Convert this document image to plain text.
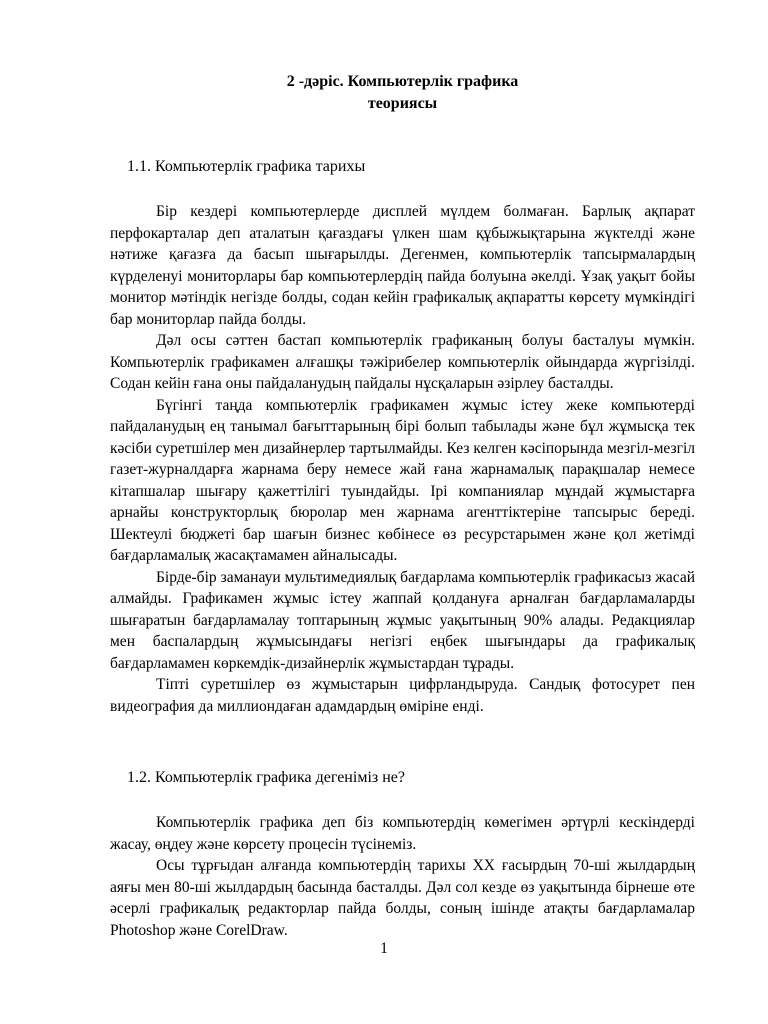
2 -дәріс. Компьютерлік графика
теориясы
1.1. Компьютерлік графика тарихы

Бір кездері компьютерлерде дисплей мүлдем болмаған. Барлық ақпарат перфокарталар деп аталатын қағаздағы үлкен шам құбыжықтарына жүктелді және нәтиже қағазға да басып шығарылды. Дегенмен, компьютерлік тапсырмалардың күрделенуі мониторлары бар компьютерлердің пайда болуына әкелді. Ұзақ уақыт бойы монитор мәтіндік негізде болды, содан кейін графикалық ақпаратты көрсету мүмкіндігі бар мониторлар пайда болды.

Дәл осы сәттен бастап компьютерлік графиканың болуы басталуы мүмкін. Компьютерлік графикамен алғашқы тәжірибелер компьютерлік ойындарда жүргізілді. Содан кейін ғана оны пайдаланудың пайдалы нұсқаларын әзірлеу басталды.

Бүгінгі таңда компьютерлік графикамен жұмыс істеу жеке компьютерді пайдаланудың ең танымал бағыттарының бірі болып табылады және бұл жұмысқа тек кәсіби суретшілер мен дизайнерлер тартылмайды. Кез келген кәсіпорында мезгіл-мезгіл газет-журналдарға жарнама беру немесе жай ғана жарнамалық парақшалар немесе кітапшалар шығару қажеттілігі туындайды. Ірі компаниялар мұндай жұмыстарға арнайы конструкторлық бюролар мен жарнама агенттіктеріне тапсырыс береді. Шектеулі бюджеті бар шағын бизнес көбінесе өз ресурстарымен және қол жетімді бағдарламалық жасақтамамен айналысады.

Бірде-бір заманауи мультимедиялық бағдарлама компьютерлік графикасыз жасай алмайды. Графикамен жұмыс істеу жаппай қолдануға арналған бағдарламаларды шығаратын бағдарламалау топтарының жұмыс уақытының 90% алады. Редакциялар мен баспалардың жұмысындағы негізгі еңбек шығындары да графикалық бағдарламамен көркемдік-дизайнерлік жұмыстардан тұрады.

Тіпті суретшілер өз жұмыстарын цифрландыруда. Сандық фотосурет пен видеография да миллиондаған адамдардың өміріне енді.

1.2. Компьютерлік графика дегеніміз не?

Компьютерлік графика деп біз компьютердің көмегімен әртүрлі кескіндерді жасау, өңдеу және көрсету процесін түсінеміз.

Осы тұрғыдан алғанда компьютердің тарихы XX ғасырдың 70-ші жылдардың аяғы мен 80-ші жылдардың басында басталды. Дәл сол кезде өз уақытында бірнеше өте әсерлі графикалық редакторлар пайда болды, соның ішінде атақты бағдарламалар Photoshop және CorelDraw.

1
